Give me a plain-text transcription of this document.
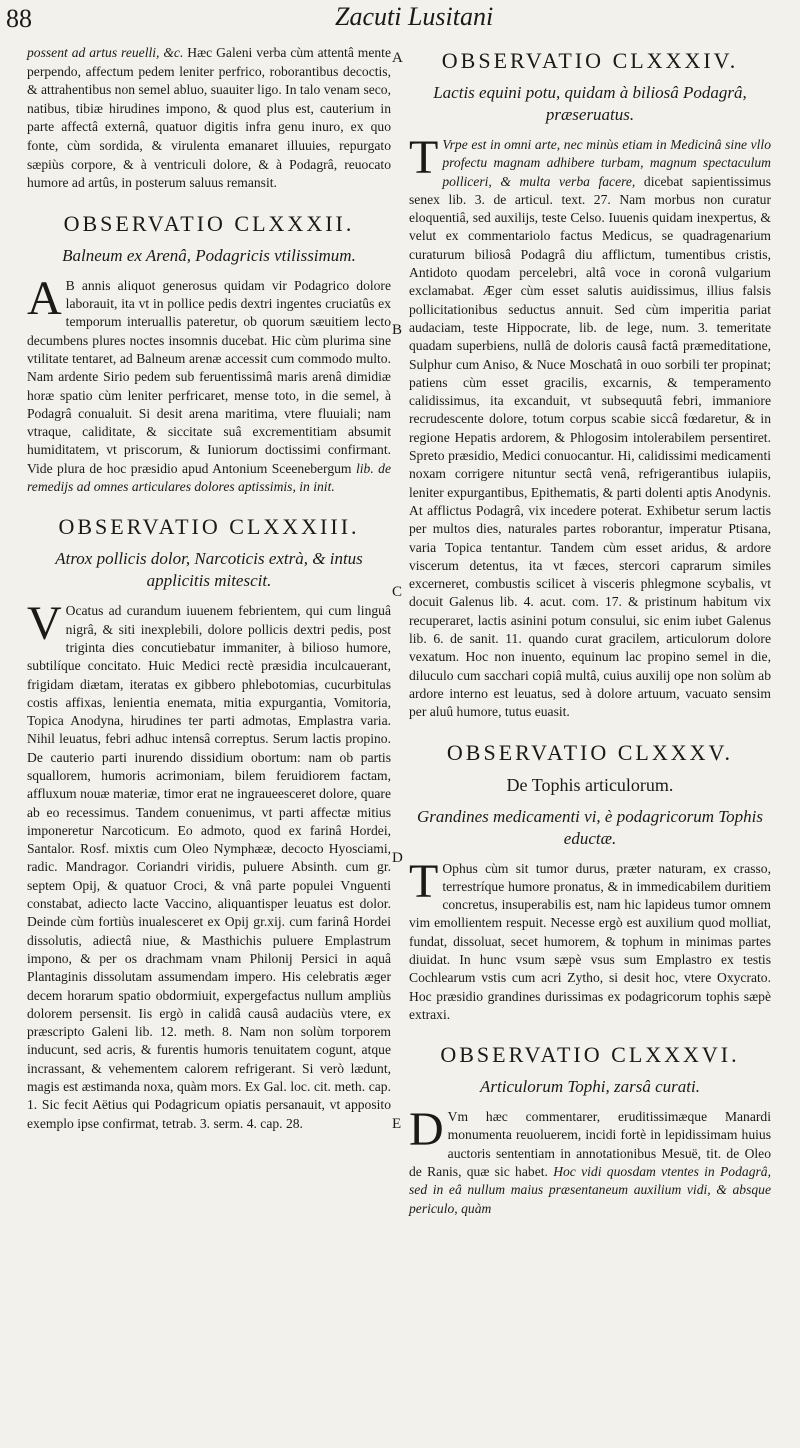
88	Zacuti Lusitani
A
B
C
D
E

possent ad artus reuelli, &c. Hæc Galeni verba cùm attentâ mente perpendo, affectum pedem leniter perfrico, roborantibus decoctis, & attrahentibus non semel abluo, suauiter ligo. In talo venam seco, natibus, tibiæ hirudines impono, & quod plus est, cauterium in parte affectâ externâ, quatuor digitis infra genu inuro, ex quo fonte, cùm sordida, & virulenta emanaret illuuies, repurgato sæpiùs corpore, & à ventriculi dolore, & à Podagrâ, reuocato humore ad artûs, in posterum saluus remansit.

OBSERVATIO CLXXXII.
Balneum ex Arenâ, Podagricis vtilissimum.

A B annis aliquot generosus quidam vir Podagrico dolore laborauit, ita vt in pollice pedis dextri ingentes cruciatûs ex temporum interuallis pateretur, ob quorum sæuitiem lecto decumbens plures noctes insomnis ducebat. Hic cùm plurima sine vtilitate tentaret, ad Balneum arenæ accessit cum commodo multo. Nam ardente Sirio pedem sub feruentissimâ maris arenâ dimidiæ horæ spatio cùm leniter perfricaret, mense toto, in die semel, à Podagrâ conualuit. Si desit arena maritima, vtere fluuiali; nam vtraque, caliditate, & siccitate suâ excrementitiam absumit humiditatem, vt priscorum, & Iuniorum doctissimi confirmant. Vide plura de hoc præsidio apud Antonium Sceenebergum lib. de remedijs ad omnes articulares dolores aptissimis, in init.

OBSERVATIO CLXXXIII.
Atrox pollicis dolor, Narcoticis extrà, & intus applicitis mitescit.

V Ocatus ad curandum iuuenem febrientem, qui cum linguâ nigrâ, & siti inexplebili, dolore pollicis dextri pedis, post triginta dies concutiebatur immaniter, à bilioso humore, subtilíque concitato. Huic Medici rectè præsidia inculcauerant, frigidam diætam, iteratas ex gibbero phlebotomias, cucurbitulas costis affixas, lenientia enemata, mitia expurgantia, Vomitoria, Topica Anodyna, hirudines ter parti admotas, Emplastra varia. Nihil leuatus, febri adhuc intensâ correptus. Serum lactis propino. De cauterio parti inurendo dissidium obortum: nam ob partis squallorem, humoris acrimoniam, bilem feruidiorem factam, affluxum nouæ materiæ, timor erat ne ingraueesceret dolore, quare ab eo recessimus. Tandem conuenimus, vt parti affectæ mitius imponeretur Narcoticum. Eo admoto, quod ex farinâ Hordei, Santalor. Rosf. mixtis cum Oleo Nymphææ, decocto Hyosciami, radic. Mandragor. Coriandri viridis, puluere Absinth. cum gr. septem Opij, & quatuor Croci, & vnâ parte populei Vnguenti constabat, adiecto lacte Vaccino, aliquantisper leuatus est dolor. Deinde cùm fortiùs inualesceret ex Opij gr.xij. cum farinâ Hordei dissolutis, adiectâ niue, & Masthichis puluere Emplastrum impono, & per os drachmam vnam Philonij Persici in aquâ Plantaginis dissolutam assumendam impero. His celebratis æger decem horarum spatio obdormiuit, expergefactus nullum ampliùs dolorem persensit. Iis ergò in calidâ causâ audaciùs vtere, ex præscripto Galeni lib. 12. meth. 8. Nam non solùm torporem inducunt, sed acris, & furentis humoris tenuitatem cogunt, atque incrassant, & vehementem calorem refrigerant. Si verò lædunt, magis est æstimanda noxa, quàm mors. Ex Gal. loc. cit. meth. cap. 1. Sic fecit Aëtius qui Podagricum opiatis persanauit, vt apposito exemplo ipse confirmat, tetrab. 3. serm. 4. cap. 28.

OBSERVATIO CLXXXIV.
Lactis equini potu, quidam à biliosâ Podagrâ, præseruatus.

T Vrpe est in omni arte, nec minùs etiam in Medicinâ sine vllo profectu magnam adhibere turbam, magnum spectaculum polliceri, & multa verba facere, dicebat sapientissimus senex lib. 3. de articul. text. 27. Nam morbus non curatur eloquentiâ, sed auxilijs, teste Celso. Iuuenis quidam inexpertus, & velut ex commentariolo factus Medicus, se quadragenarium curaturum biliosâ Podagrâ diu afflictum, tumentibus cristis, Antidoto quodam percelebri, altâ voce in coronâ vulgarium exclamabat. Æger cùm esset salutis auidissimus, illius falsis pollicitationibus seductus annuit. Sed cùm imperitia pariat audaciam, teste Hippocrate, lib. de lege, num. 3. temeritate quadam superbiens, nullâ de doloris causâ factâ præmeditatione, Sulphur cum Aniso, & Nuce Moschatâ in ouo sorbili ter propinat; patiens cùm esset gracilis, excarnis, & temperamento calidissimus, ita excanduit, vt subsequutâ febri, immaniore recrudescente dolore, totum corpus scabie siccâ fœdaretur, & in regione Hepatis ardorem, & Phlogosim intolerabilem persentiret. Spreto præsidio, Medici conuocantur. Hi, calidissimi medicamenti noxam corrigere nituntur sectâ venâ, refrigerantibus iulapiis, leniter expurgantibus, Epithematis, & parti dolenti aptis Anodynis. At afflictus Podagrâ, vix incedere poterat. Exhibetur serum lactis per multos dies, naturales partes roborantur, imperatur Ptisana, varia Topica tentantur. Tandem cùm esset aridus, & ardore viscerum detentus, ita vt fæces, stercori caprarum similes excerneret, combustis scilicet à visceris phlegmone scybalis, vt docuit Galenus lib. 4. acut. com. 17. & pristinum habitum vix recuperaret, lactis asinini potum consului, sic enim iubet Galenus lib. 6. de sanit. 11. quando curat gracilem, articulorum dolore vexatum. Hoc non inuento, equinum lac propino semel in die, diluculo cum sacchari copiâ multâ, cuius auxilij ope non solùm ab ardore interno est leuatus, sed à dolore artuum, vacuato sensim per aluû humore, tutus euasit.

OBSERVATIO CLXXXV.
De Tophis articulorum.
Grandines medicamenti vi, è podagricorum Tophis eductæ.

T Ophus cùm sit tumor durus, præter naturam, ex crasso, terrestríque humore pronatus, & in immedicabilem duritiem concretus, insuperabilis est, nam hic lapideus tumor omnem vim emollientem respuit. Necesse ergò est auxilium quod molliat, fundat, dissoluat, secet humorem, & tophum in minimas partes diuidat. In hunc vsum sæpè vsus sum Emplastro ex testis Cochlearum vstis cum acri Zytho, si desit hoc, vtere Oxycrato. Hoc præsidio grandines durissimas ex podagricorum tophis sæpè extraxi.

OBSERVATIO CLXXXVI.
Articulorum Tophi, zarsâ curati.

D Vm hæc commentarer, eruditissimæque Manardi monumenta reuoluerem, incidi fortè in lepidissimam huius auctoris sententiam in annotationibus Mesuë, tit. de Oleo de Ranis, quæ sic habet. Hoc vidi quosdam vtentes in Podagrâ, sed in eâ nullum maius præsentaneum auxilium vidi, & absque periculo, quàm
